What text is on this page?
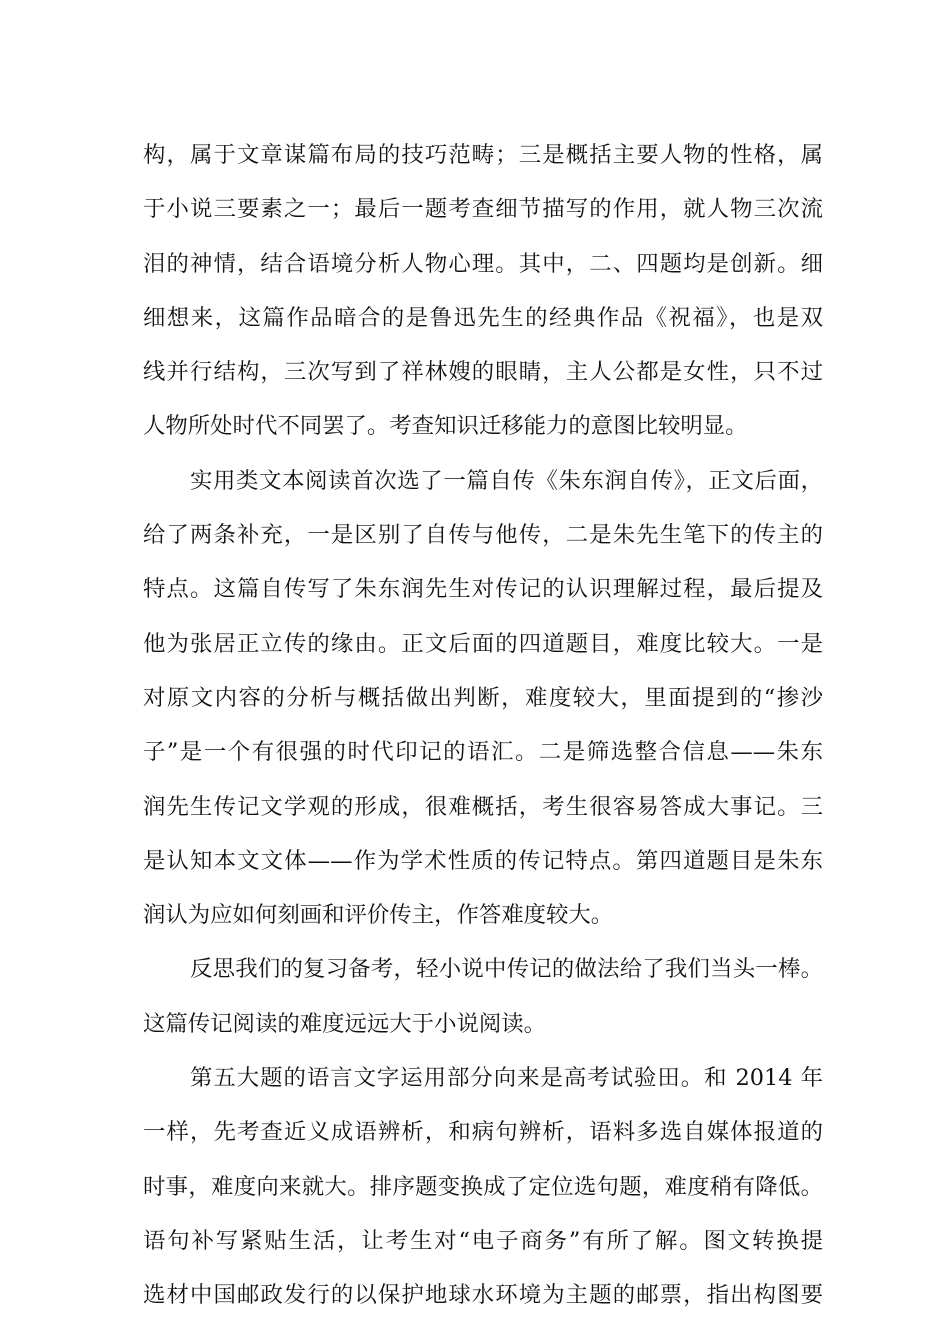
构，属于文章谋篇布局的技巧范畴；三是概括主要人物的性格，属
于小说三要素之一；最后一题考查细节描写的作用，就人物三次流
泪的神情，结合语境分析人物心理。其中，二、四题均是创新。细
细想来，这篇作品暗合的是鲁迅先生的经典作品《祝福》，也是双
线并行结构，三次写到了祥林嫂的眼睛，主人公都是女性，只不过
人物所处时代不同罢了。考查知识迁移能力的意图比较明显。
实用类文本阅读首次选了一篇自传《朱东润自传》，正文后面，
给了两条补充，一是区别了自传与他传，二是朱先生笔下的传主的
特点。这篇自传写了朱东润先生对传记的认识理解过程，最后提及
他为张居正立传的缘由。正文后面的四道题目，难度比较大。一是
对原文内容的分析与概括做出判断，难度较大，里面提到的“掺沙
子”是一个有很强的时代印记的语汇。二是筛选整合信息——朱东
润先生传记文学观的形成，很难概括，考生很容易答成大事记。三
是认知本文文体——作为学术性质的传记特点。第四道题目是朱东
润认为应如何刻画和评价传主，作答难度较大。
反思我们的复习备考，轻小说中传记的做法给了我们当头一棒。
这篇传记阅读的难度远远大于小说阅读。
第五大题的语言文字运用部分向来是高考试验田。和 2014 年
一样，先考查近义成语辨析，和病句辨析，语料多选自媒体报道的
时事，难度向来就大。排序题变换成了定位选句题，难度稍有降低。
语句补写紧贴生活，让考生对“电子商务”有所了解。图文转换提
选材中国邮政发行的以保护地球水环境为主题的邮票，指出构图要
